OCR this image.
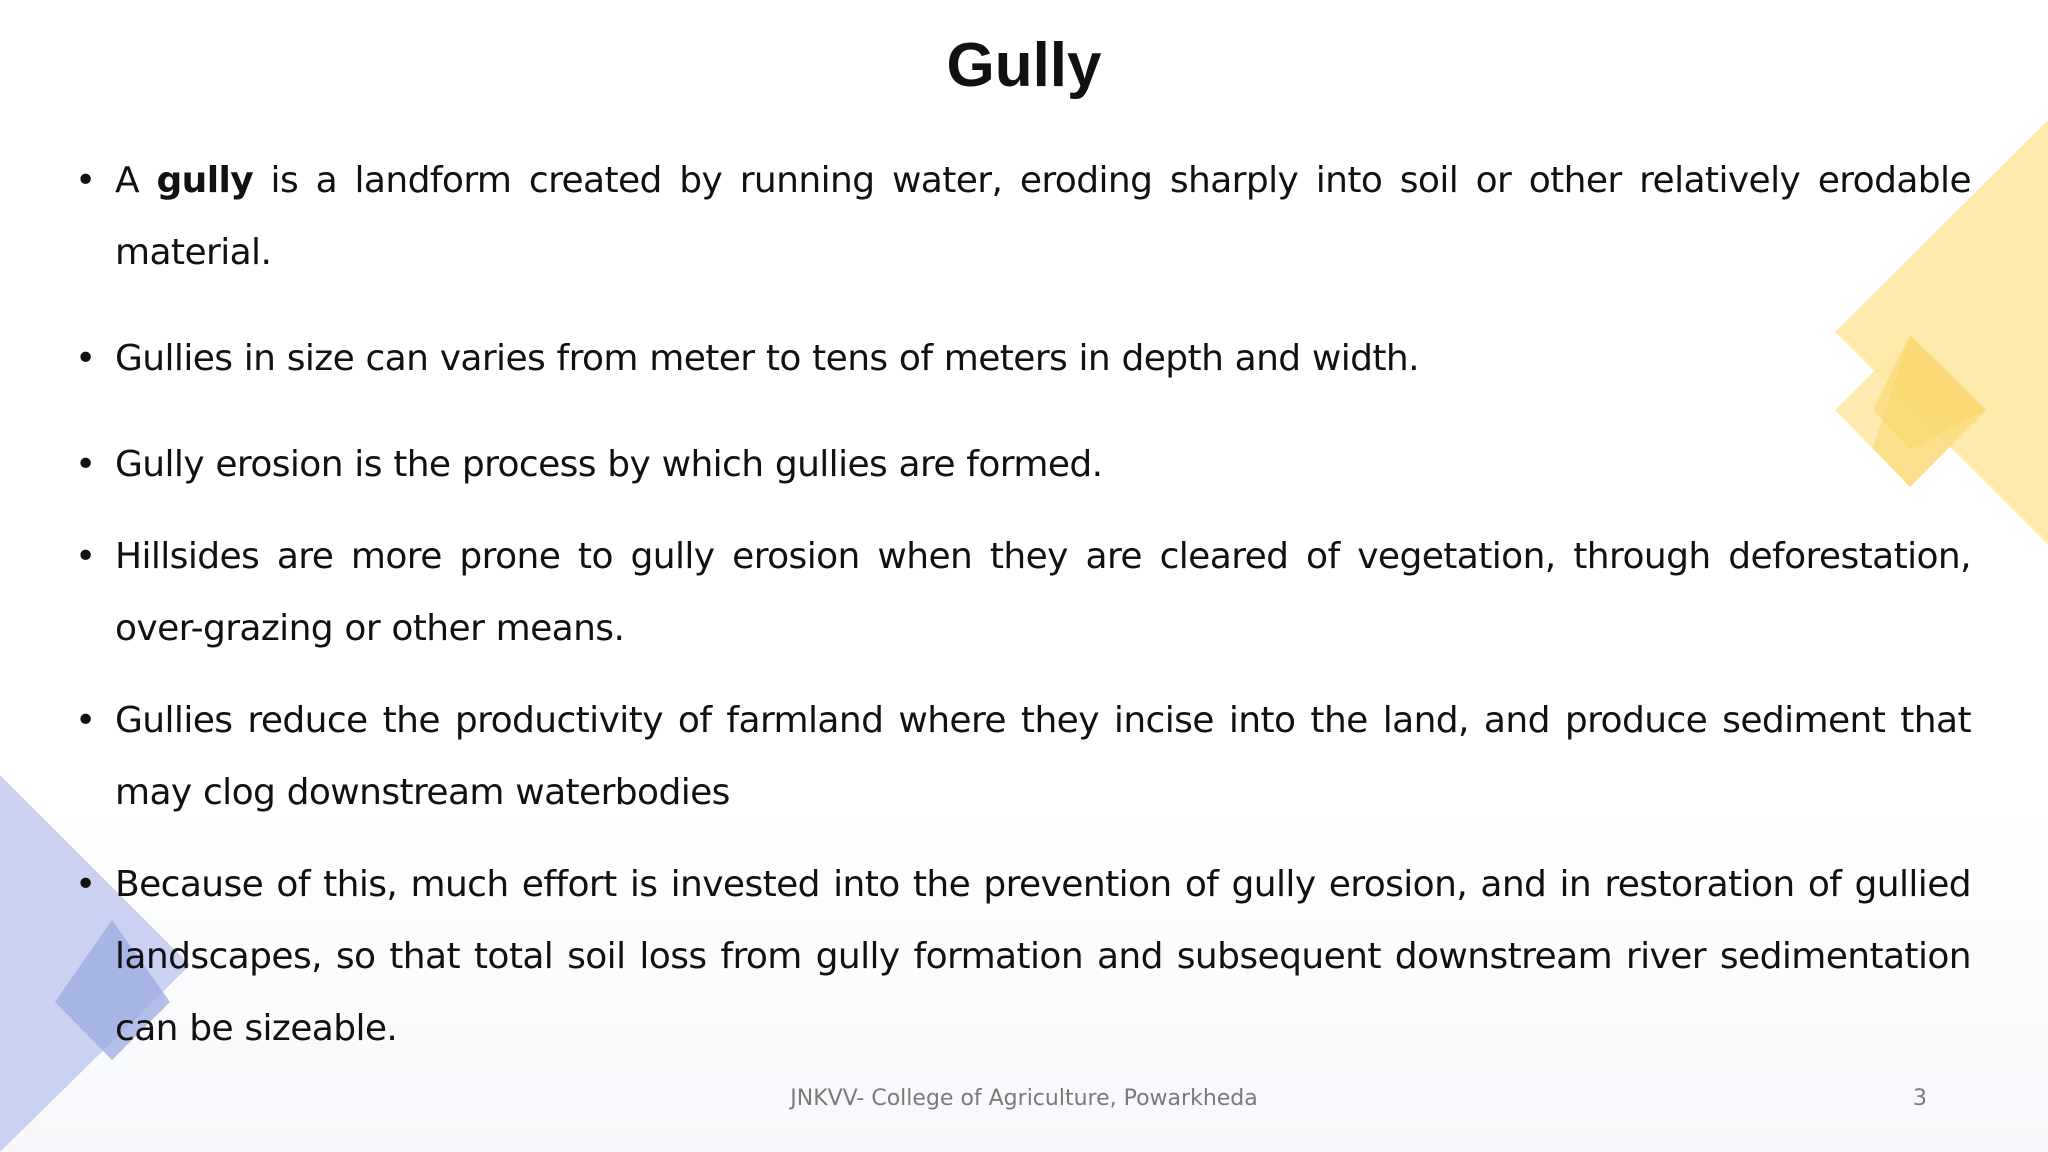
Gully
• A gully is a landform created by running water, eroding sharply into soil or other relatively erodable material.
• Gullies in size can varies from meter to tens of meters in depth and width.
• Gully erosion is the process by which gullies are formed.
• Hillsides are more prone to gully erosion when they are cleared of vegetation, through deforestation, over-grazing or other means.
• Gullies reduce the productivity of farmland where they incise into the land, and produce sediment that may clog downstream waterbodies
• Because of this, much effort is invested into the prevention of gully erosion, and in restoration of gullied landscapes, so that total soil loss from gully formation and subsequent downstream river sedimentation can be sizeable.
JNKVV- College of Agriculture, Powarkheda	3
